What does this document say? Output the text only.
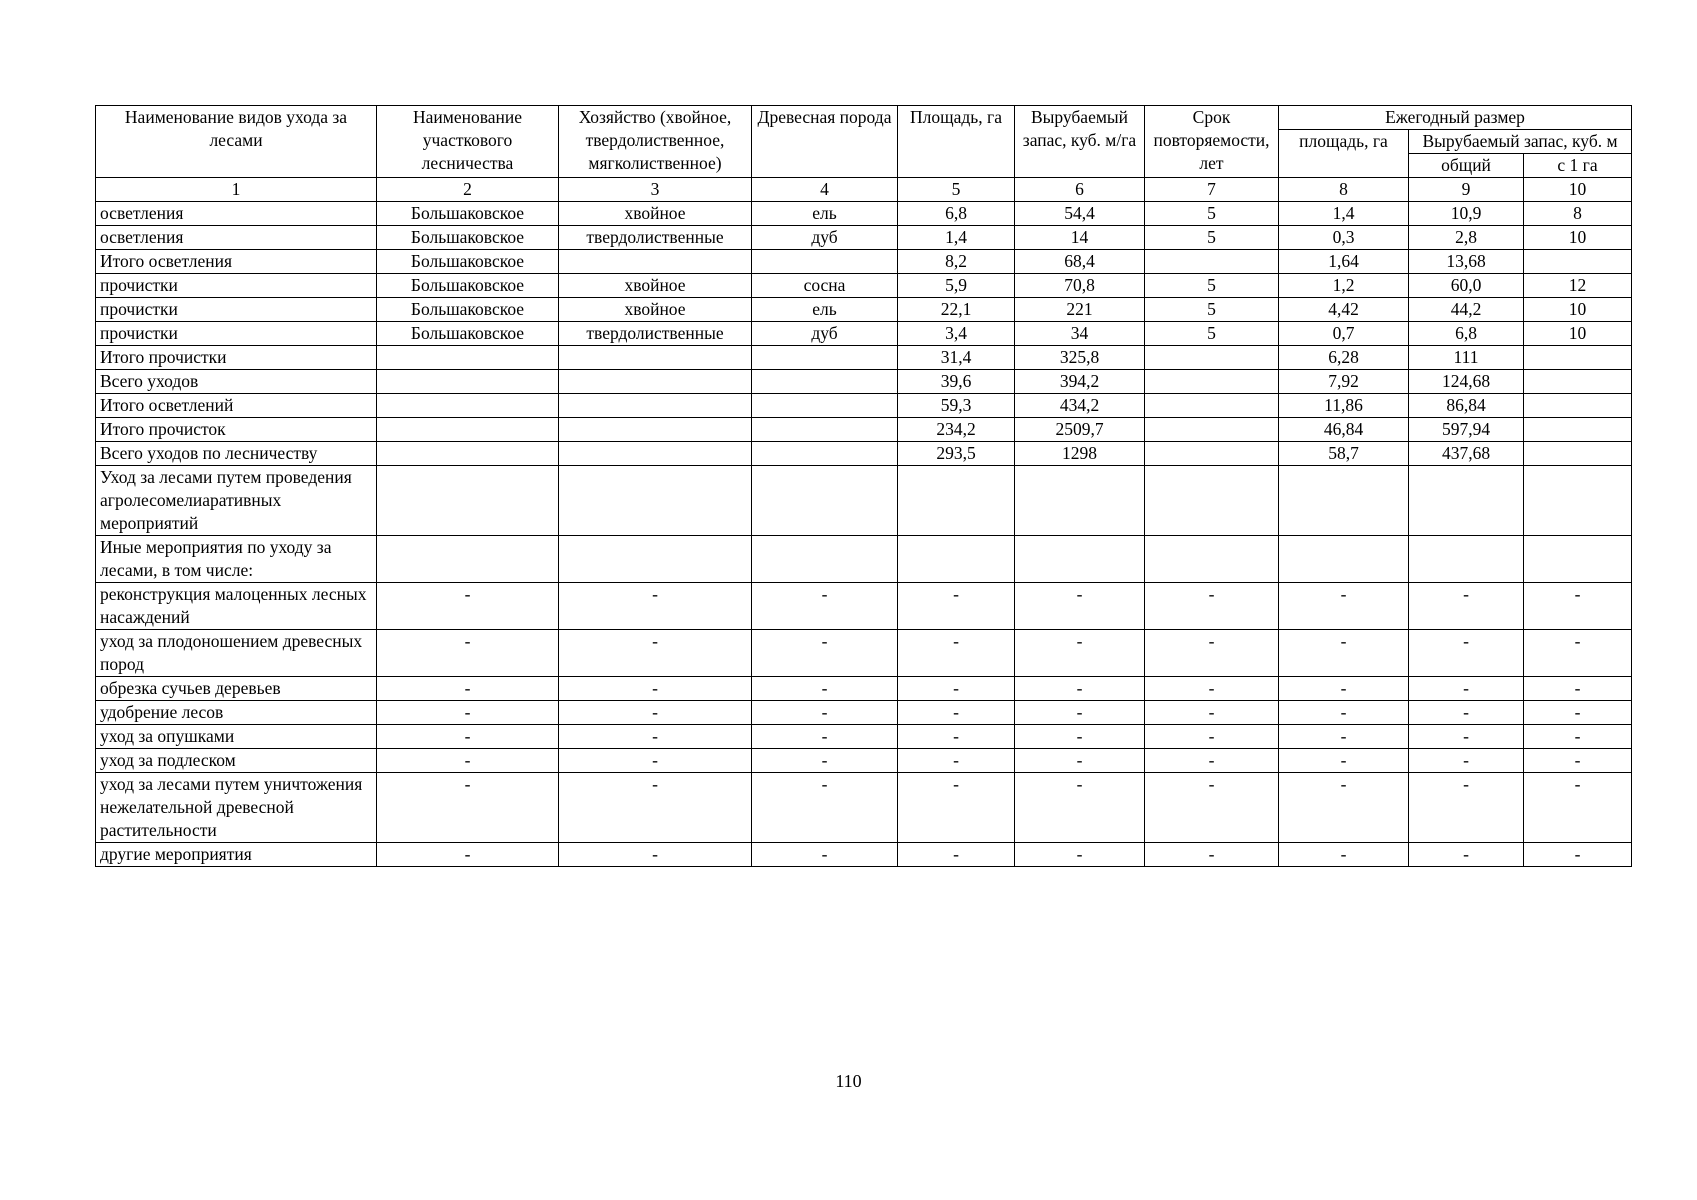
Наименование видов ухода за лесами	Наименование участкового лесничества	Хозяйство (хвойное, твердолиственное, мягколиственное)	Древесная порода	Площадь, га	Вырубаемый запас, куб. м/га	Срок повторяемости, лет	Ежегодный размер		
							площадь, га	Вырубаемый запас, куб. м	
								общий	с 1 га
1	2	3	4	5	6	7	8	9	10
осветления	Большаковское	хвойное	ель	6,8	54,4	5	1,4	10,9	8
осветления	Большаковское	твердолиственные	дуб	1,4	14	5	0,3	2,8	10
Итого осветления	Большаковское			8,2	68,4		1,64	13,68	
прочистки	Большаковское	хвойное	сосна	5,9	70,8	5	1,2	60,0	12
прочистки	Большаковское	хвойное	ель	22,1	221	5	4,42	44,2	10
прочистки	Большаковское	твердолиственные	дуб	3,4	34	5	0,7	6,8	10
Итого прочистки				31,4	325,8		6,28	111	
Всего уходов				39,6	394,2		7,92	124,68	
Итого осветлений				59,3	434,2		11,86	86,84	
Итого прочисток				234,2	2509,7		46,84	597,94	
Всего уходов по лесничеству				293,5	1298		58,7	437,68	
Уход за лесами путем проведения агролесомелиаративных мероприятий									
Иные мероприятия по уходу за лесами, в том числе:									
реконструкция малоценных лесных насаждений	-	-	-	-	-	-	-	-	-
уход за плодоношением древесных пород	-	-	-	-	-	-	-	-	-
обрезка сучьев деревьев	-	-	-	-	-	-	-	-	-
удобрение лесов	-	-	-	-	-	-	-	-	-
уход за опушками	-	-	-	-	-	-	-	-	-
уход за подлеском	-	-	-	-	-	-	-	-	-
уход за лесами путем уничтожения нежелательной древесной растительности	-	-	-	-	-	-	-	-	-
другие мероприятия	-	-	-	-	-	-	-	-	-
110
